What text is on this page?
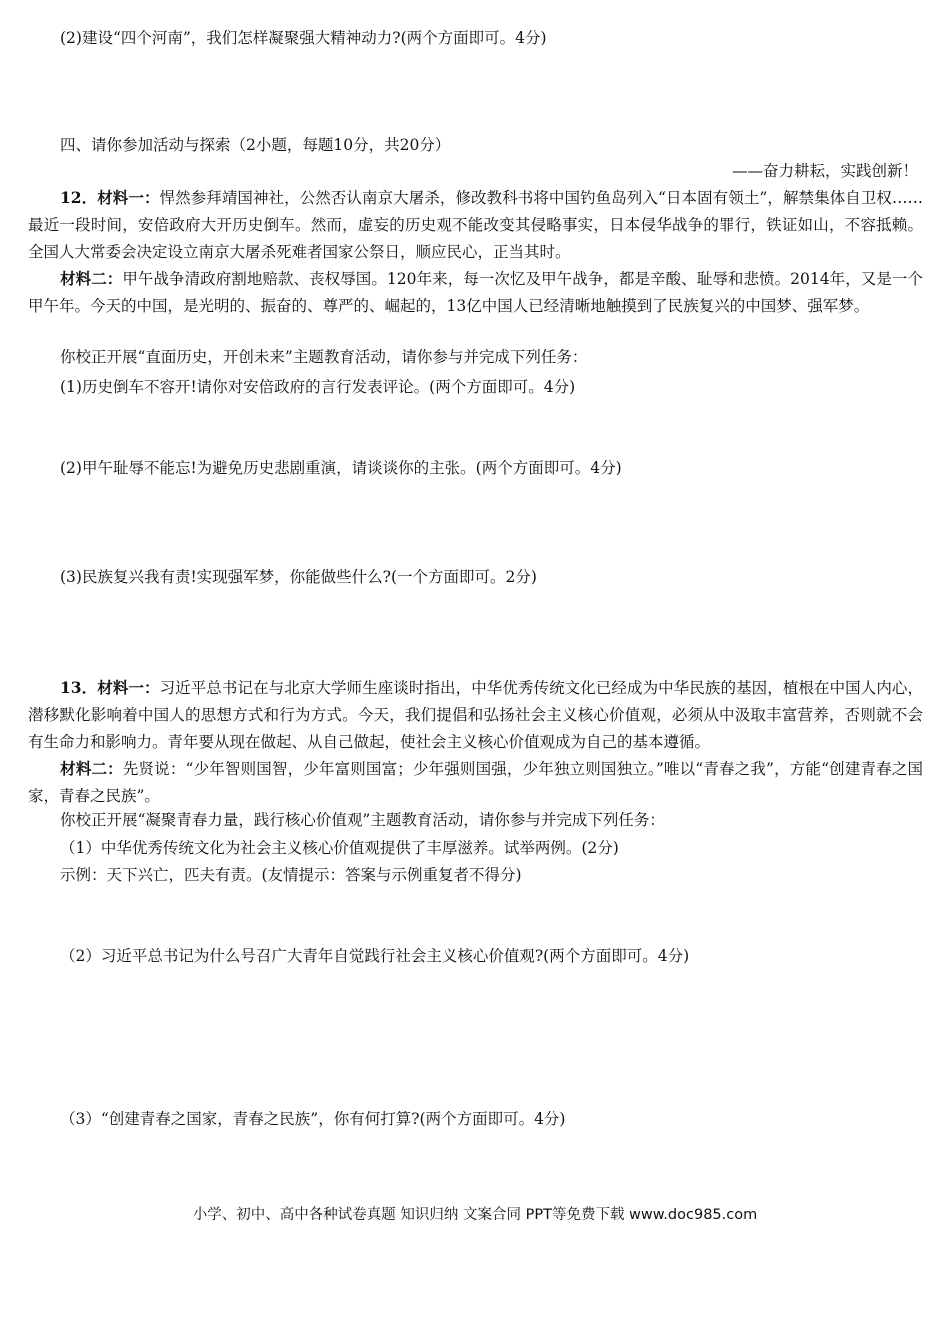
(2)建设“四个河南”，我们怎样凝聚强大精神动力?(两个方面即可。4分)
四、请你参加活动与探索（2小题，每题10分，共20分）
——奋力耕耘，实践创新！
12．材料一：悍然参拜靖国神社，公然否认南京大屠杀，修改教科书将中国钓鱼岛列入“日本固有领土”，解禁集体自卫权……最近一段时间，安倍政府大开历史倒车。然而，虚妄的历史观不能改变其侵略事实，日本侵华战争的罪行，铁证如山，不容抵赖。全国人大常委会决定设立南京大屠杀死难者国家公祭日，顺应民心，正当其时。
材料二：甲午战争清政府割地赔款、丧权辱国。120年来，每一次忆及甲午战争，都是辛酸、耻辱和悲愤。2014年，又是一个甲午年。今天的中国，是光明的、振奋的、尊严的、崛起的，13亿中国人已经清晰地触摸到了民族复兴的中国梦、强军梦。
你校正开展“直面历史，开创未来”主题教育活动，请你参与并完成下列任务：
(1)历史倒车不容开!请你对安倍政府的言行发表评论。(两个方面即可。4分)
(2)甲午耻辱不能忘!为避免历史悲剧重演，请谈谈你的主张。(两个方面即可。4分)
(3)民族复兴我有责!实现强军梦，你能做些什么?(一个方面即可。2分)
13．材料一：习近平总书记在与北京大学师生座谈时指出，中华优秀传统文化已经成为中华民族的基因，植根在中国人内心，潜移默化影响着中国人的思想方式和行为方式。今天，我们提倡和弘扬社会主义核心价值观，必须从中汲取丰富营养，否则就不会有生命力和影响力。青年要从现在做起、从自己做起，使社会主义核心价值观成为自己的基本遵循。
材料二：先贤说：“少年智则国智，少年富则国富；少年强则国强，少年独立则国独立。”唯以“青春之我”，方能“创建青春之国家，青春之民族”。
你校正开展“凝聚青春力量，践行核心价值观”主题教育活动，请你参与并完成下列任务：
（1）中华优秀传统文化为社会主义核心价值观提供了丰厚滋养。试举两例。(2分)
示例：天下兴亡，匹夫有责。(友情提示：答案与示例重复者不得分)
（2）习近平总书记为什么号召广大青年自觉践行社会主义核心价值观?(两个方面即可。4分)
（3）“创建青春之国家，青春之民族”，你有何打算?(两个方面即可。4分)
小学、初中、高中各种试卷真题 知识归纳 文案合同 PPT等免费下载 www.doc985.com
